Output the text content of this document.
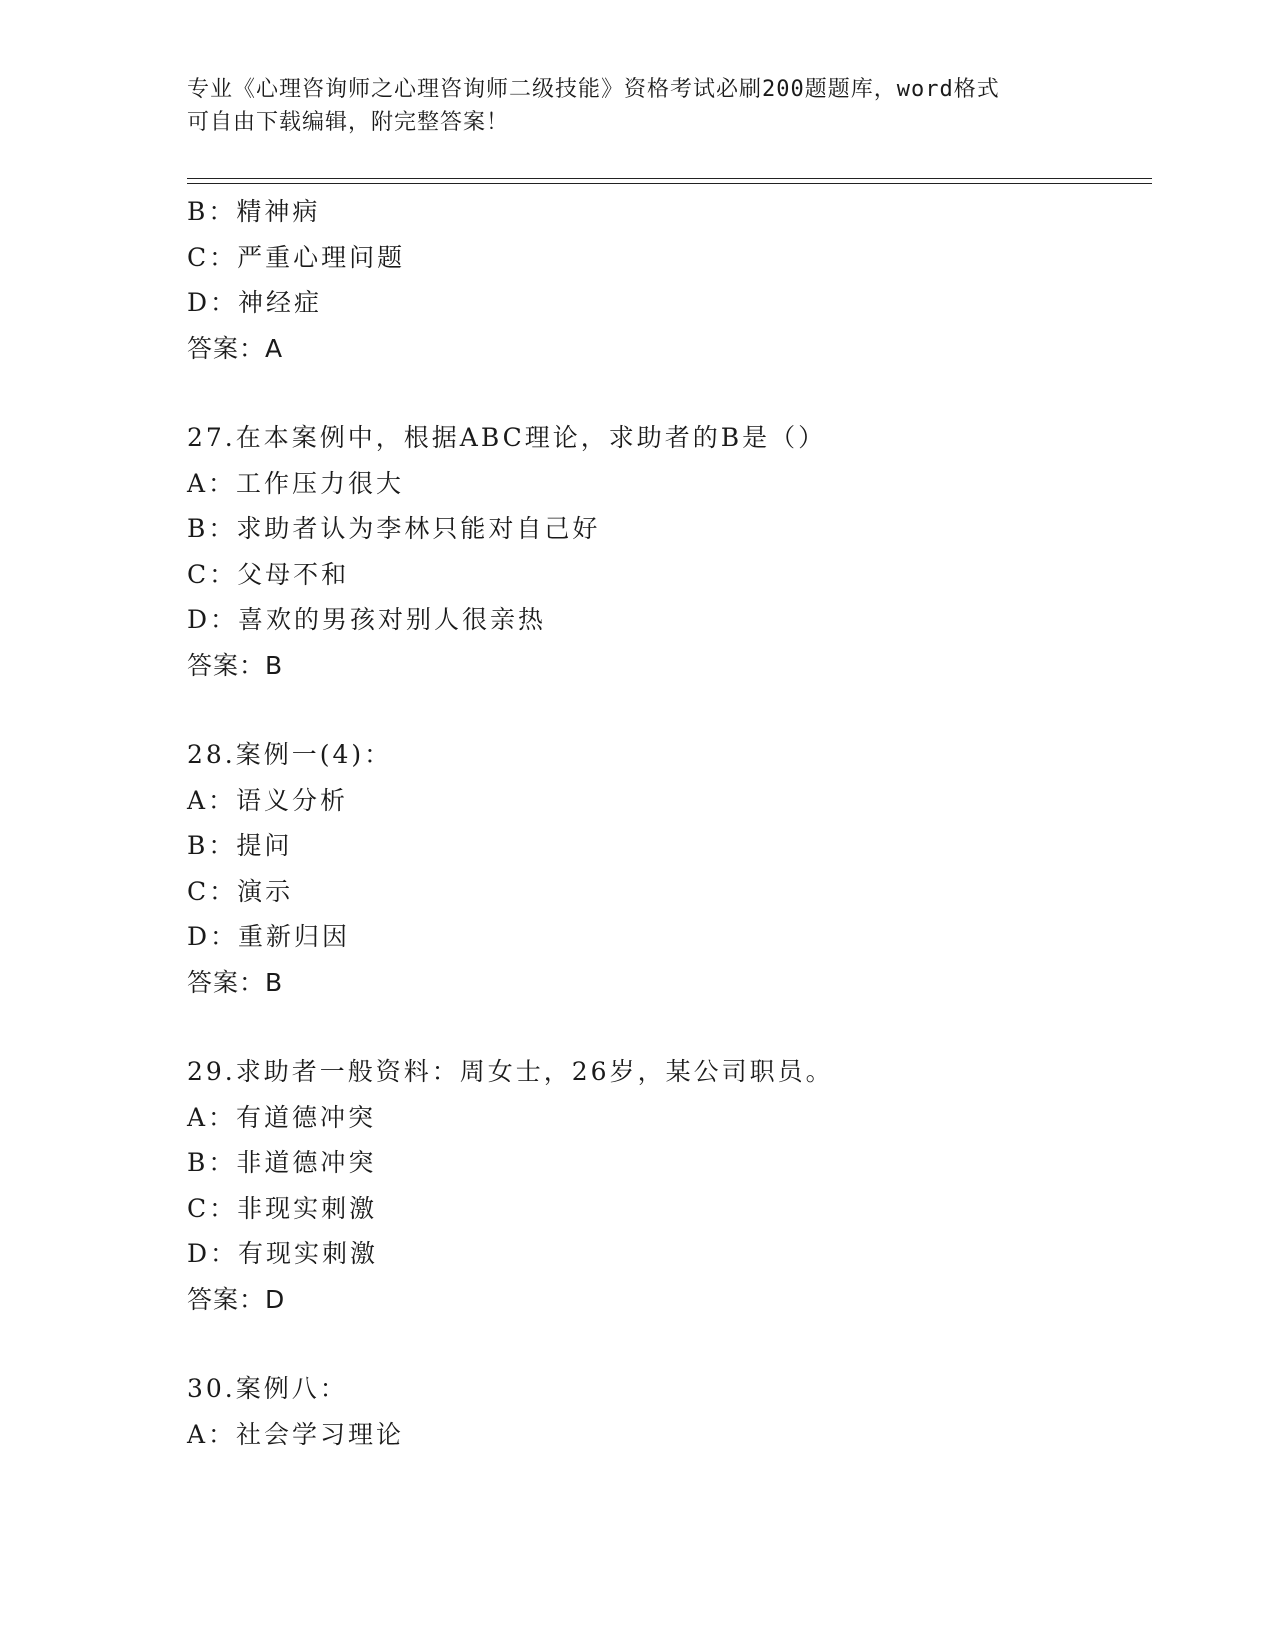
专业《心理咨询师之心理咨询师二级技能》资格考试必刷200题题库，word格式
可自由下载编辑，附完整答案！
B：精神病
C：严重心理问题
D：神经症
答案：A
27.在本案例中，根据ABC理论，求助者的B是（）
A：工作压力很大
B：求助者认为李林只能对自己好
C：父母不和
D：喜欢的男孩对别人很亲热
答案：B
28.案例一(4)：
A：语义分析
B：提问
C：演示
D：重新归因
答案：B
29.求助者一般资料：周女士，26岁，某公司职员。
A：有道德冲突
B：非道德冲突
C：非现实刺激
D：有现实刺激
答案：D
30.案例八：
A：社会学习理论
